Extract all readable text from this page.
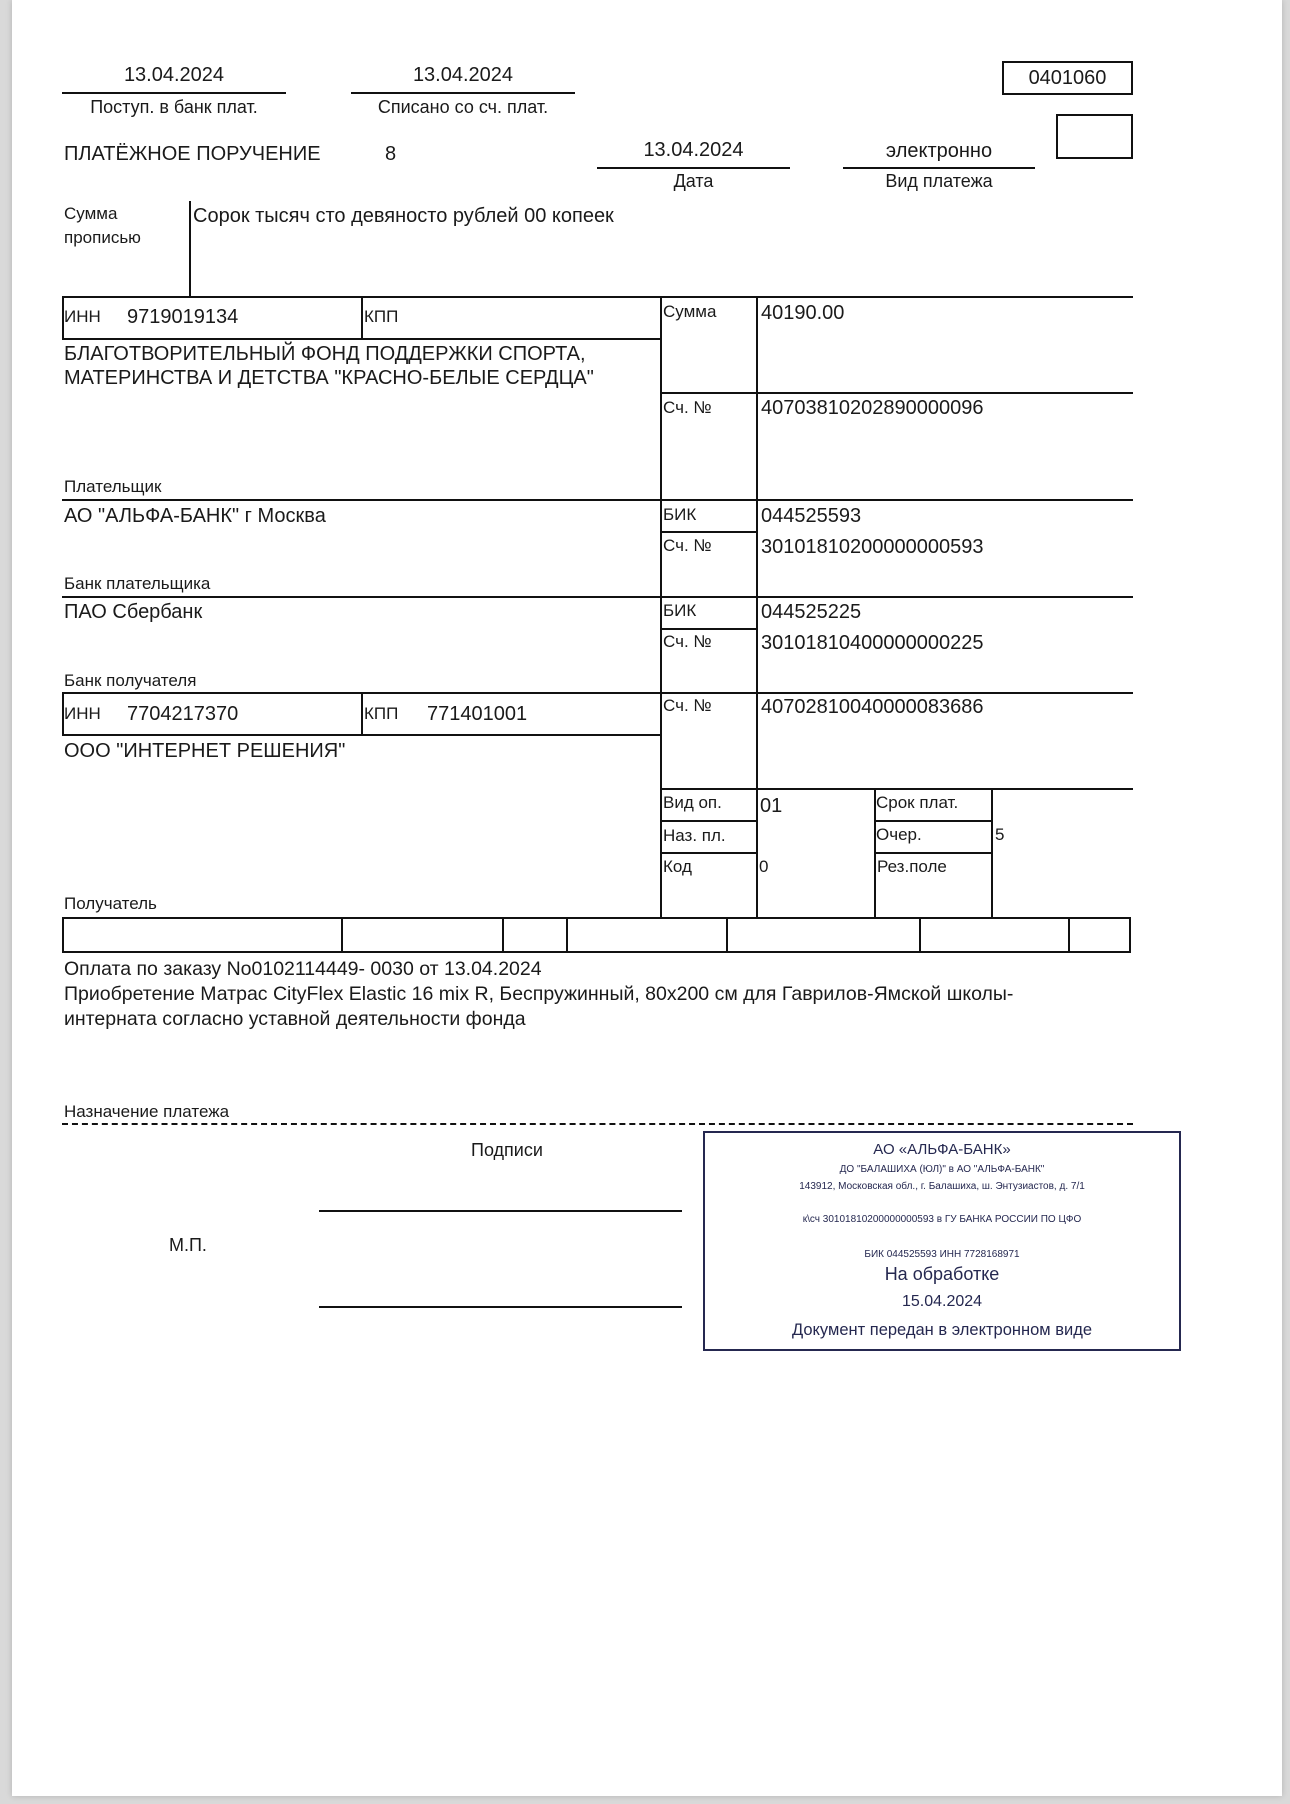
13.04.2024
Поступ. в банк плат.
13.04.2024
Списано со сч. плат.
0401060
ПЛАТЁЖНОЕ ПОРУЧЕНИЕ	8	13.04.2024
Дата
электронно
Вид платежа
Сумма
прописью
Сорок тысяч сто девяносто рублей 00 копеек
ИНН 9719019134	КПП
БЛАГОТВОРИТЕЛЬНЫЙ ФОНД ПОДДЕРЖКИ СПОРТА,
МАТЕРИНСТВА И ДЕТСТВА "КРАСНО-БЕЛЫЕ СЕРДЦА"
Плательщик
Сумма 40190.00
Сч. № 40703810202890000096
АО "АЛЬФА-БАНК" г Москва
Банк плательщика
БИК	044525593
Сч. № 30101810200000000593
ПАО Сбербанк
Банк получателя
БИК	044525225
Сч. № 30101810400000000225
ИНН 7704217370	КПП 771401001
ООО "ИНТЕРНЕТ РЕШЕНИЯ"
Получатель
Сч. № 40702810040000083686
Вид оп. 01
Наз. пл.
Код	0
Срок плат.
Очер.	5
Рез.поле
Оплата по заказу No0102114449- 0030 от 13.04.2024
Приобретение Матрас CityFlex Elastic 16 mix R, Беспружинный, 80x200 см для Гаврилов-Ямской школы-
интерната согласно уставной деятельности фонда
Назначение платежа
Подписи
М.П.
АО «АЛЬФА-БАНК»
ДО "БАЛАШИХА (ЮЛ)" в АО "АЛЬФА-БАНК"
143912, Московская обл., г. Балашиха, ш. Энтузиастов, д. 7/1
к\сч 30101810200000000593 в ГУ БАНКА РОССИИ ПО ЦФО
БИК 044525593 ИНН 7728168971
На обработке
15.04.2024
Документ передан в электронном виде
